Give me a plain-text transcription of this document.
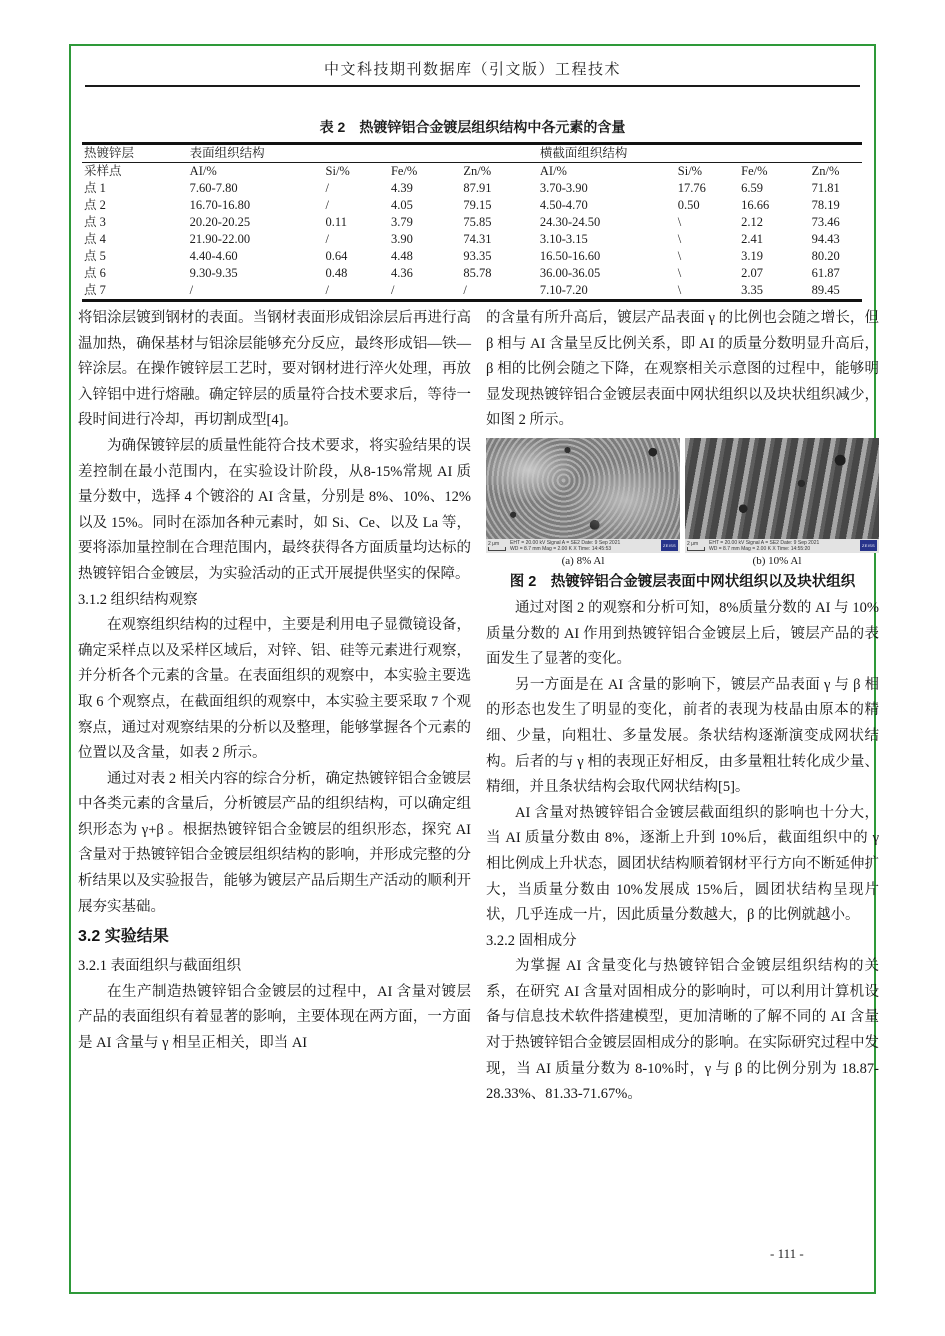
中文科技期刊数据库（引文版）工程技术
表 2　热镀锌铝合金镀层组织结构中各元素的含量
热镀锌层	表面组织结构				横截面组织结构			
采样点	AI/%	Si/%	Fe/%	Zn/%	AI/%	Si/%	Fe/%	Zn/%
点 1	7.60-7.80	/	4.39	87.91	3.70-3.90	17.76	6.59	71.81
点 2	16.70-16.80	/	4.05	79.15	4.50-4.70	0.50	16.66	78.19
点 3	20.20-20.25	0.11	3.79	75.85	24.30-24.50	\	2.12	73.46
点 4	21.90-22.00	/	3.90	74.31	3.10-3.15	\	2.41	94.43
点 5	4.40-4.60	0.64	4.48	93.35	16.50-16.60	\	3.19	80.20
点 6	9.30-9.35	0.48	4.36	85.78	36.00-36.05	\	2.07	61.87
点 7	/	/	/	/	7.10-7.20	\	3.35	89.45

将铝涂层镀到钢材的表面。当钢材表面形成铝涂层后再进行高温加热，确保基材与铝涂层能够充分反应，最终形成铝—铁—锌涂层。在操作镀锌层工艺时，要对钢材进行淬火处理，再放入锌铝中进行熔融。确定锌层的质量符合技术要求后，等待一段时间进行冷却，再切割成型[4]。

为确保镀锌层的质量性能符合技术要求，将实验结果的误差控制在最小范围内，在实验设计阶段，从8-15%常规 AI 质量分数中，选择 4 个镀浴的 AI 含量，分别是 8%、10%、12%以及 15%。同时在添加各种元素时，如 Si、Ce、以及 La 等，要将添加量控制在合理范围内，最终获得各方面质量均达标的热镀锌铝合金镀层，为实验活动的正式开展提供坚实的保障。

3.1.2 组织结构观察

在观察组织结构的过程中，主要是利用电子显微镜设备，确定采样点以及采样区域后，对锌、铝、硅等元素进行观察，并分析各个元素的含量。在表面组织的观察中，本实验主要选取 6 个观察点，在截面组织的观察中，本实验主要采取 7 个观察点，通过对观察结果的分析以及整理，能够掌握各个元素的位置以及含量，如表 2 所示。

通过对表 2 相关内容的综合分析，确定热镀锌铝合金镀层中各类元素的含量后，分析镀层产品的组织结构，可以确定组织形态为 γ+β 。根据热镀锌铝合金镀层的组织形态，探究 AI 含量对于热镀锌铝合金镀层组织结构的影响，并形成完整的分析结果以及实验报告，能够为镀层产品后期生产活动的顺利开展夯实基础。

3.2 实验结果

3.2.1 表面组织与截面组织

在生产制造热镀锌铝合金镀层的过程中，AI 含量对镀层产品的表面组织有着显著的影响，主要体现在两方面，一方面是 AI 含量与 γ 相呈正相关，即当 AI

的含量有所升高后，镀层产品表面 γ 的比例也会随之增长，但 β 相与 AI 含量呈反比例关系，即 AI 的质量分数明显升高后，β 相的比例会随之下降，在观察相关示意图的过程中，能够明显发现热镀锌铝合金镀层表面中网状组织以及块状组织减少，如图 2 所示。

2 μm	EHT = 20.00 kV Signal A = SE2 Date: 9 Sep 2021
WD = 8.7 mm Mag = 2.00 K X Time: 14:45:53	ZEISS	2 μm	EHT = 20.00 kV Signal A = SE2 Date: 9 Sep 2021
WD = 8.7 mm Mag = 2.00 K X Time: 14:55:20	ZEISS
(a) 8% Al	(b) 10% Al
图 2　热镀锌铝合金镀层表面中网状组织以及块状组织

通过对图 2 的观察和分析可知，8%质量分数的 AI 与 10%质量分数的 AI 作用到热镀锌铝合金镀层上后，镀层产品的表面发生了显著的变化。

另一方面是在 AI 含量的影响下，镀层产品表面 γ 与 β 相的形态也发生了明显的变化，前者的表现为枝晶由原本的精细、少量，向粗壮、多量发展。条状结构逐渐演变成网状结构。后者的与 γ 相的表现正好相反，由多量粗壮转化成少量、精细，并且条状结构会取代网状结构[5]。

AI 含量对热镀锌铝合金镀层截面组织的影响也十分大，当 AI 质量分数由 8%，逐渐上升到 10%后，截面组织中的 γ 相比例成上升状态，圆团状结构顺着钢材平行方向不断延伸扩大，当质量分数由 10%发展成 15%后，圆团状结构呈现片状，几乎连成一片，因此质量分数越大，β 的比例就越小。

3.2.2 固相成分

为掌握 AI 含量变化与热镀锌铝合金镀层组织结构的关系，在研究 AI 含量对固相成分的影响时，可以利用计算机设备与信息技术软件搭建模型，更加清晰的了解不同的 AI 含量对于热镀锌铝合金镀层固相成分的影响。在实际研究过程中发现，当 AI 质量分数为 8-10%时，γ 与 β 的比例分别为 18.87-28.33%、81.33-71.67%。

- 111 -
